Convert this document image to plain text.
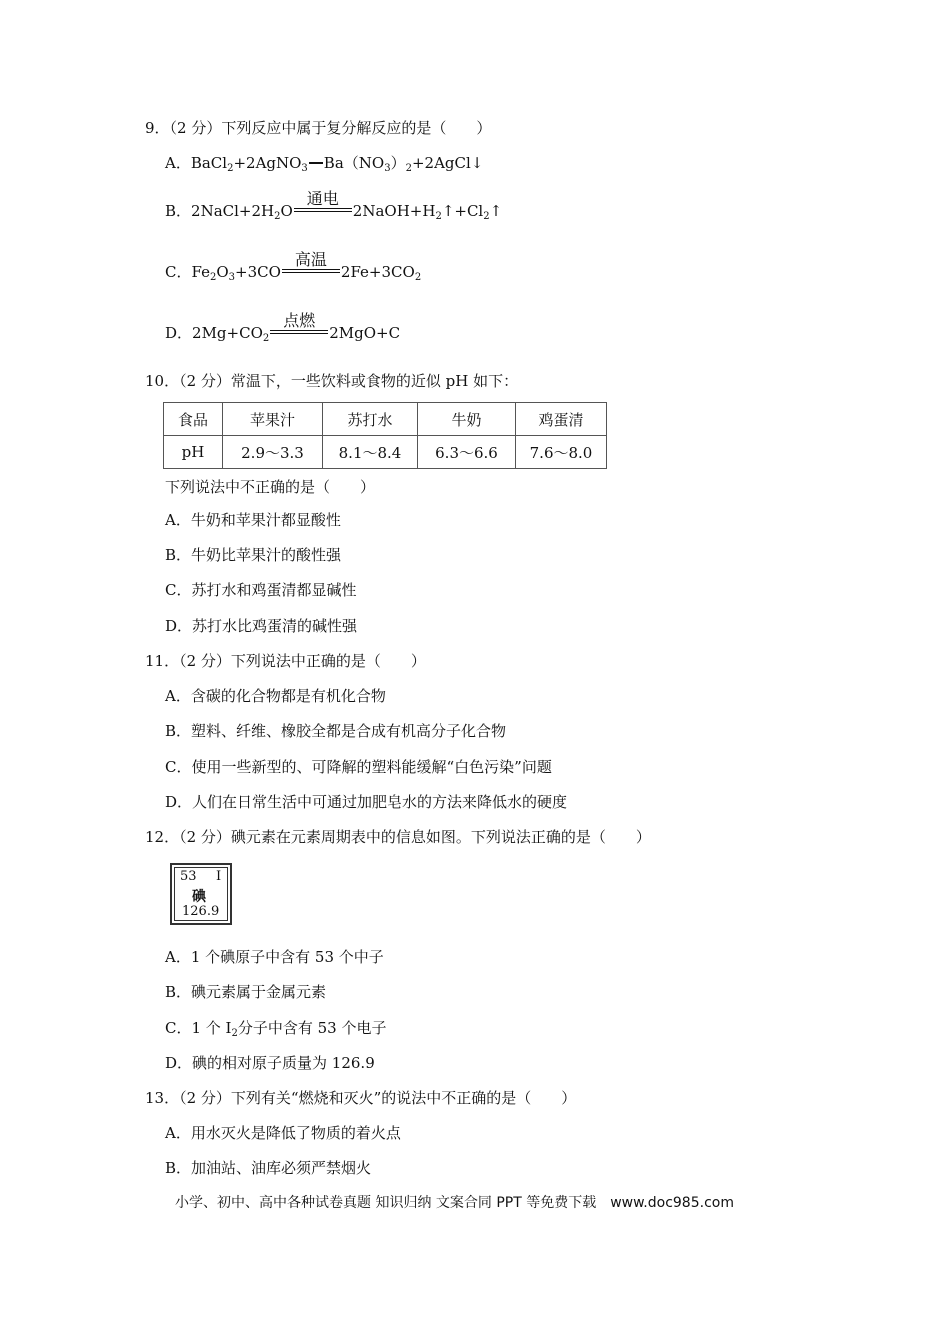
9．（2 分）下列反应中属于复分解反应的是（　　）
A．BaCl$_2$+2AgNO$_3$ $Ba(NO_3)_2+2AgCl↓$
B．$2NaCl+2H_2O$
通电
$2NaOH+H_2↑+Cl_2↑$
C．$Fe_2O_3+3CO$
高温
$2Fe+3CO_2$
D．$2Mg+CO_2$
点燃
2MgO+C
10．（2 分）常温下，一些饮料或食物的近似 pH 如下：
食品	苹果汁	苏打水	牛奶	鸡蛋清
pH	2.9～3.3	8.1～8.4	6.3～6.6	7.6～8.0
下列说法中不正确的是（　　）
A．牛奶和苹果汁都显酸性
B．牛奶比苹果汁的酸性强
C．苏打水和鸡蛋清都显碱性
D．苏打水比鸡蛋清的碱性强
11．（2 分）下列说法中正确的是（　　）
A．含碳的化合物都是有机化合物
B．塑料、纤维、橡胶全都是合成有机高分子化合物
C．使用一些新型的、可降解的塑料能缓解“白色污染”问题
D．人们在日常生活中可通过加肥皂水的方法来降低水的硬度
12．（2 分）碘元素在元素周期表中的信息如图。下列说法正确的是（　　）
53 I
碘
126.9
A．1 个碘原子中含有 53 个中子
B．碘元素属于金属元素
C．1 个 $I_2$分子中含有 53 个电子
D．碘的相对原子质量为 126.9
13．（2 分）下列有关“燃烧和灭火”的说法中不正确的是（　　）
A．用水灭火是降低了物质的着火点
B．加油站、油库必须严禁烟火
小学、初中、高中各种试卷真题 知识归纳 文案合同 PPT 等免费下载　www.doc985.com
